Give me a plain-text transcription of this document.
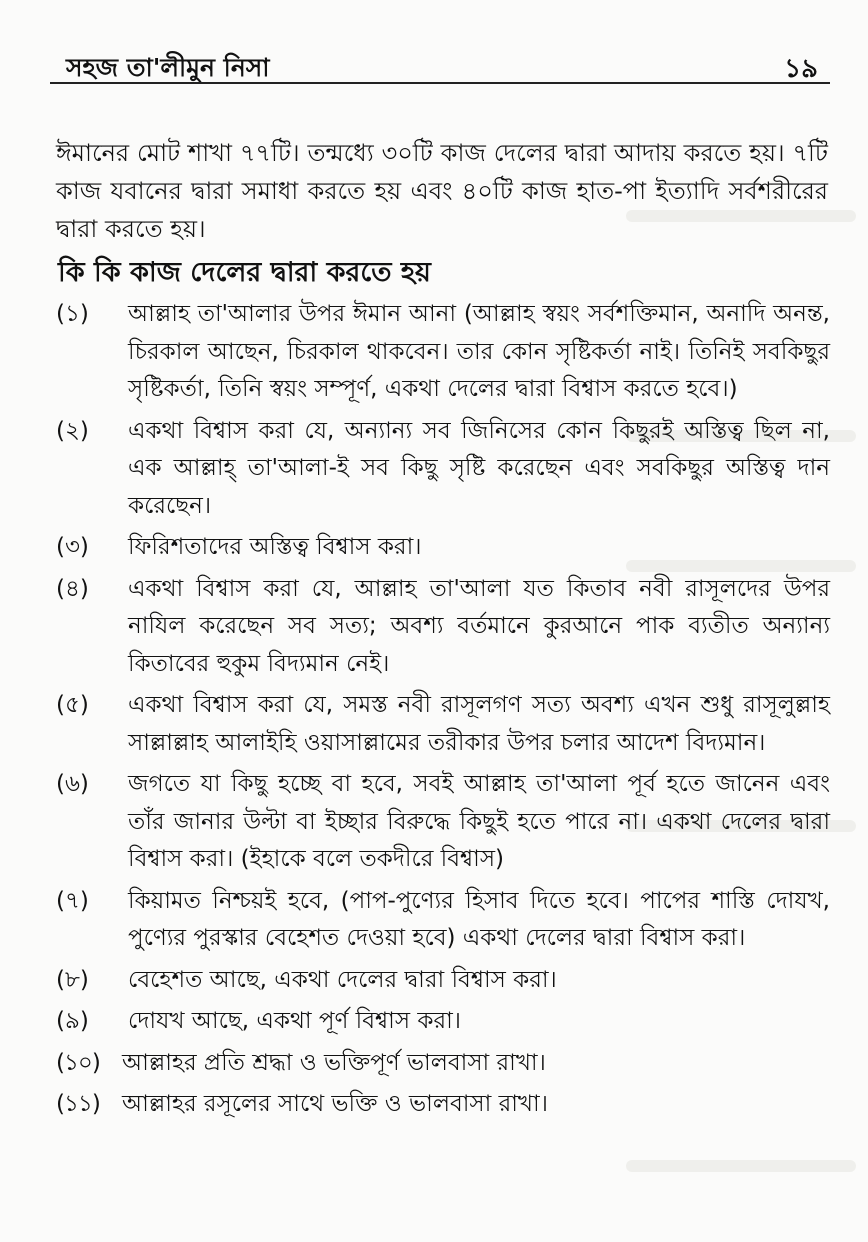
সহজ তা'লীমুন নিসা	১৯

ঈমানের মোট শাখা ৭৭টি। তন্মধ্যে ৩০টি কাজ দেলের দ্বারা আদায় করতে হয়। ৭টি কাজ যবানের দ্বারা সমাধা করতে হয় এবং ৪০টি কাজ হাত-পা ইত্যাদি সর্বশরীরের দ্বারা করতে হয়।

কি কি কাজ দেলের দ্বারা করতে হয়
(১)	আল্লাহ তা'আলার উপর ঈমান আনা (আল্লাহ স্বয়ং সর্বশক্তিমান, অনাদি অনন্ত, চিরকাল আছেন, চিরকাল থাকবেন। তার কোন সৃষ্টিকর্তা নাই। তিনিই সবকিছুর সৃষ্টিকর্তা, তিনি স্বয়ং সম্পূর্ণ, একথা দেলের দ্বারা বিশ্বাস করতে হবে।)
(২)	একথা বিশ্বাস করা যে, অন্যান্য সব জিনিসের কোন কিছুরই অস্তিত্ব ছিল না, এক আল্লাহ্ তা'আলা-ই সব কিছু সৃষ্টি করেছেন এবং সবকিছুর অস্তিত্ব দান করেছেন।
(৩)	ফিরিশতাদের অস্তিত্ব বিশ্বাস করা।
(৪)	একথা বিশ্বাস করা যে, আল্লাহ তা'আলা যত কিতাব নবী রাসূলদের উপর নাযিল করেছেন সব সত্য; অবশ্য বর্তমানে কুরআনে পাক ব্যতীত অন্যান্য কিতাবের হুকুম বিদ্যমান নেই।
(৫)	একথা বিশ্বাস করা যে, সমস্ত নবী রাসূলগণ সত্য অবশ্য এখন শুধু রাসূলুল্লাহ সাল্লাল্লাহ আলাইহি ওয়াসাল্লামের তরীকার উপর চলার আদেশ বিদ্যমান।
(৬)	জগতে যা কিছু হচ্ছে বা হবে, সবই আল্লাহ তা'আলা পূর্ব হতে জানেন এবং তাঁর জানার উল্টা বা ইচ্ছার বিরুদ্ধে কিছুই হতে পারে না। একথা দেলের দ্বারা বিশ্বাস করা। (ইহাকে বলে তকদীরে বিশ্বাস)
(৭)	কিয়ামত নিশ্চয়ই হবে, (পাপ-পুণ্যের হিসাব দিতে হবে। পাপের শাস্তি দোযখ, পুণ্যের পুরস্কার বেহেশত দেওয়া হবে) একথা দেলের দ্বারা বিশ্বাস করা।
(৮)	বেহেশত আছে, একথা দেলের দ্বারা বিশ্বাস করা।
(৯)	দোযখ আছে, একথা পূর্ণ বিশ্বাস করা।
(১০) আল্লাহর প্রতি শ্রদ্ধা ও ভক্তিপূর্ণ ভালবাসা রাখা।
(১১) আল্লাহর রসূলের সাথে ভক্তি ও ভালবাসা রাখা।
